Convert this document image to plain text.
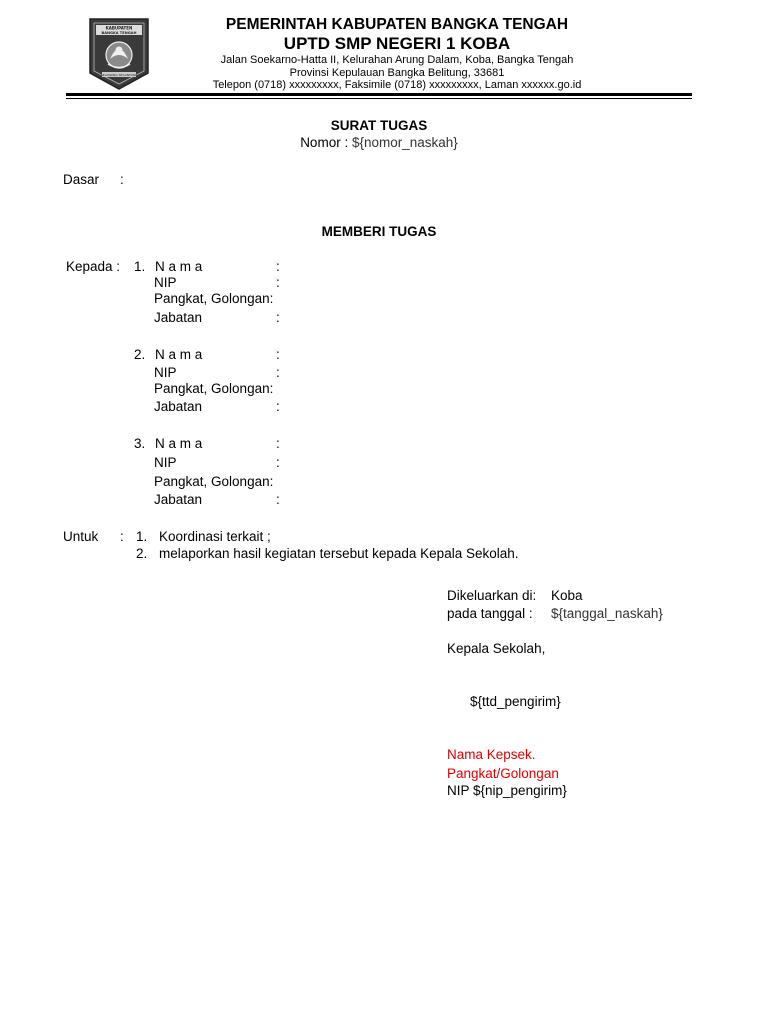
KABUPATEN
BANGKA TENGAH
SELAWANG SEGANTANG
PEMERINTAH KABUPATEN BANGKA TENGAH
UPTD SMP NEGERI 1 KOBA
Jalan Soekarno-Hatta II, Kelurahan Arung Dalam, Koba, Bangka Tengah
Provinsi Kepulauan Bangka Belitung, 33681
Telepon (0718) xxxxxxxxx, Faksimile (0718) xxxxxxxxx, Laman xxxxxx.go.id
SURAT TUGAS
Nomor : ${nomor_naskah}
Dasar :
MEMBERI TUGAS
Kepada : 1. N a m a	:
NIP	:
Pangkat, Golongan:
Jabatan	:
2. N a m a	:
NIP	:
Pangkat, Golongan:
Jabatan	:
3. N a m a	:
NIP	:
Pangkat, Golongan:
Jabatan	:
Untuk : 1. Koordinasi terkait ;
2. melaporkan hasil kegiatan tersebut kepada Kepala Sekolah.
Dikeluarkan di: Koba
pada tanggal : ${tanggal_naskah}
Kepala Sekolah,
${ttd_pengirim}
Nama Kepsek.
Pangkat/Golongan
NIP ${nip_pengirim}
